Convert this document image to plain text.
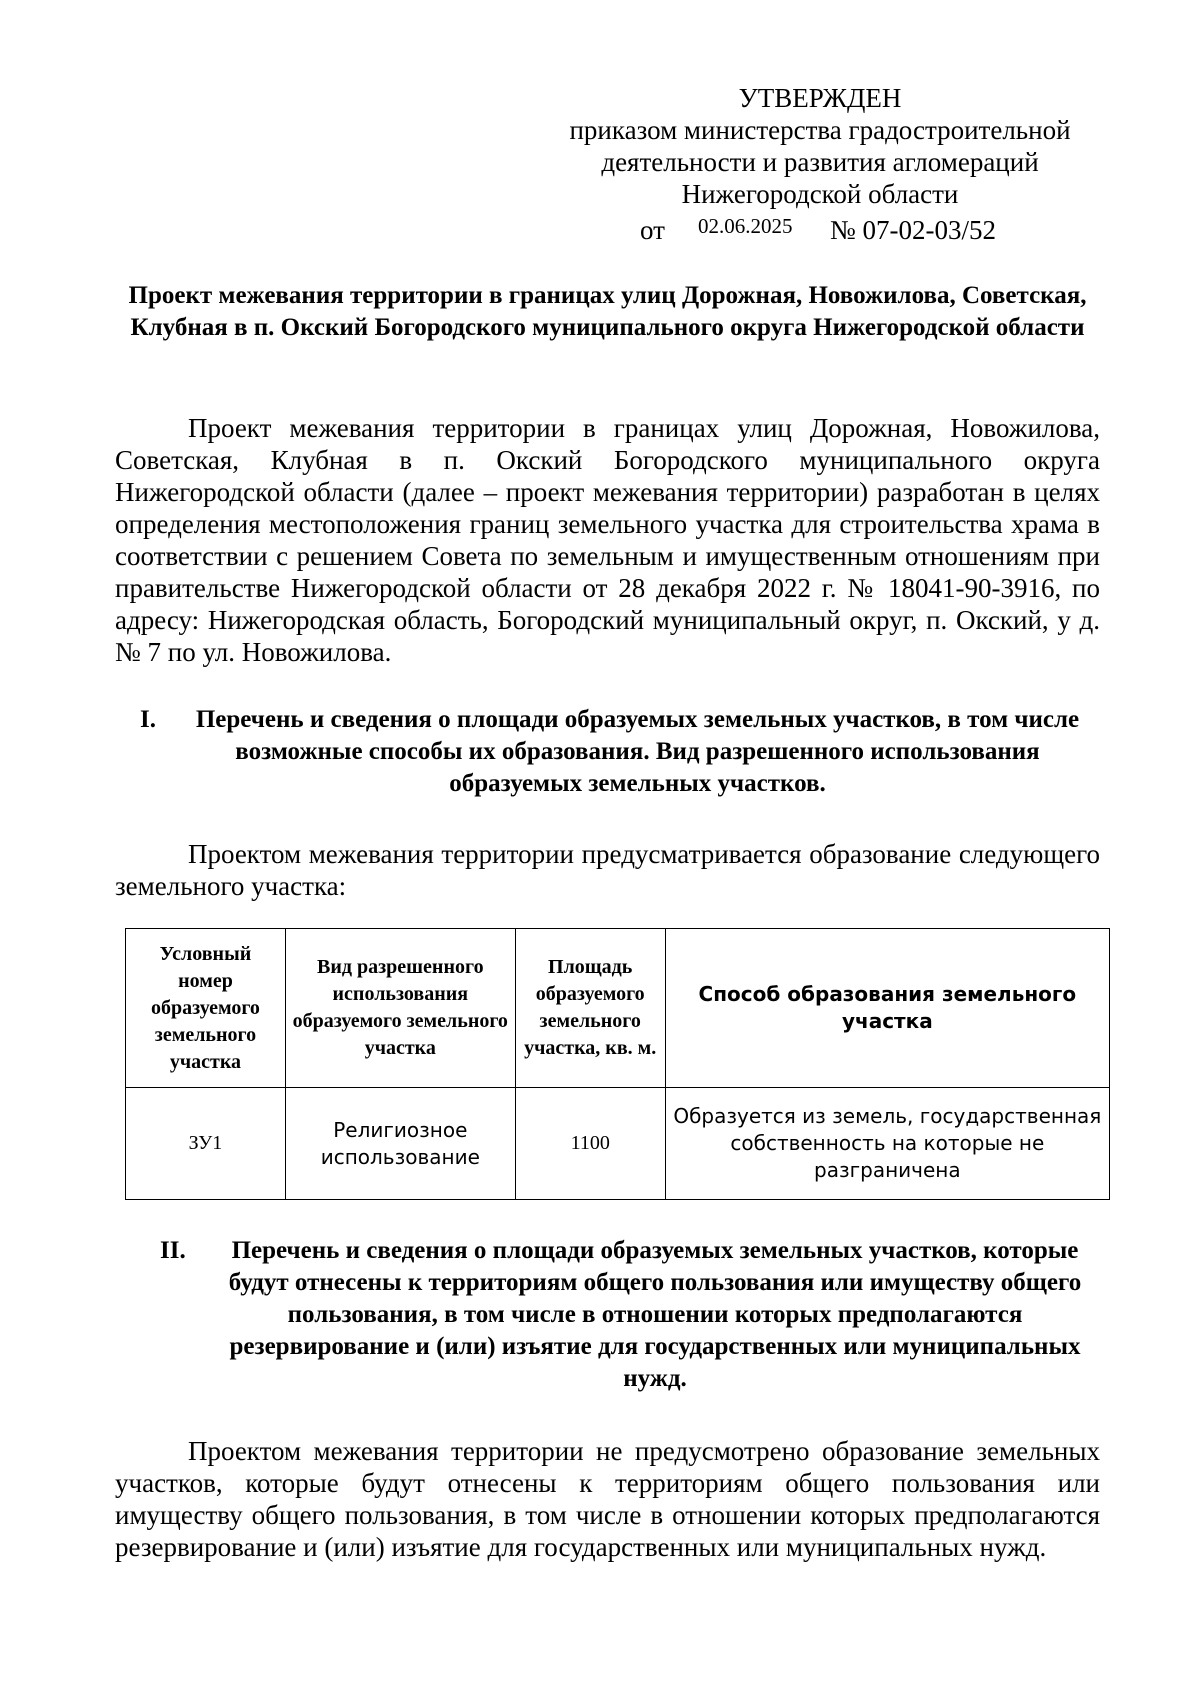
УТВЕРЖДЕН
приказом министерства градостроительной
деятельности и развития агломераций
Нижегородской области
от 02.06.2025 № 07-02-03/52
Проект межевания территории в границах улиц Дорожная, Новожилова, Советская, Клубная в п. Окский Богородского муниципального округа Нижегородской области
Проект межевания территории в границах улиц Дорожная, Новожилова, Советская, Клубная в п. Окский Богородского муниципального округа Нижегородской области (далее – проект межевания территории) разработан в целях определения местоположения границ земельного участка для строительства храма в соответствии с решением Совета по земельным и имущественным отношениям при правительстве Нижегородской области от 28 декабря 2022 г. № 18041-90-3916, по адресу: Нижегородская область, Богородский муниципальный округ, п. Окский, у д. № 7 по ул. Новожилова.
I.	Перечень и сведения о площади образуемых земельных участков, в том числе возможные способы их образования. Вид разрешенного использования образуемых земельных участков.
Проектом межевания территории предусматривается образование следующего земельного участка:
Условный номер образуемого земельного участка	Вид разрешенного использования образуемого земельного участка	Площадь образуемого земельного участка, кв. м.	Способ образования земельного участка
ЗУ1	Религиозное использование	1100	Образуется из земель, государственная собственность на которые не разграничена
II.	Перечень и сведения о площади образуемых земельных участков, которые будут отнесены к территориям общего пользования или имуществу общего пользования, в том числе в отношении которых предполагаются резервирование и (или) изъятие для государственных или муниципальных нужд.
Проектом межевания территории не предусмотрено образование земельных участков, которые будут отнесены к территориям общего пользования или имуществу общего пользования, в том числе в отношении которых предполагаются резервирование и (или) изъятие для государственных или муниципальных нужд.
